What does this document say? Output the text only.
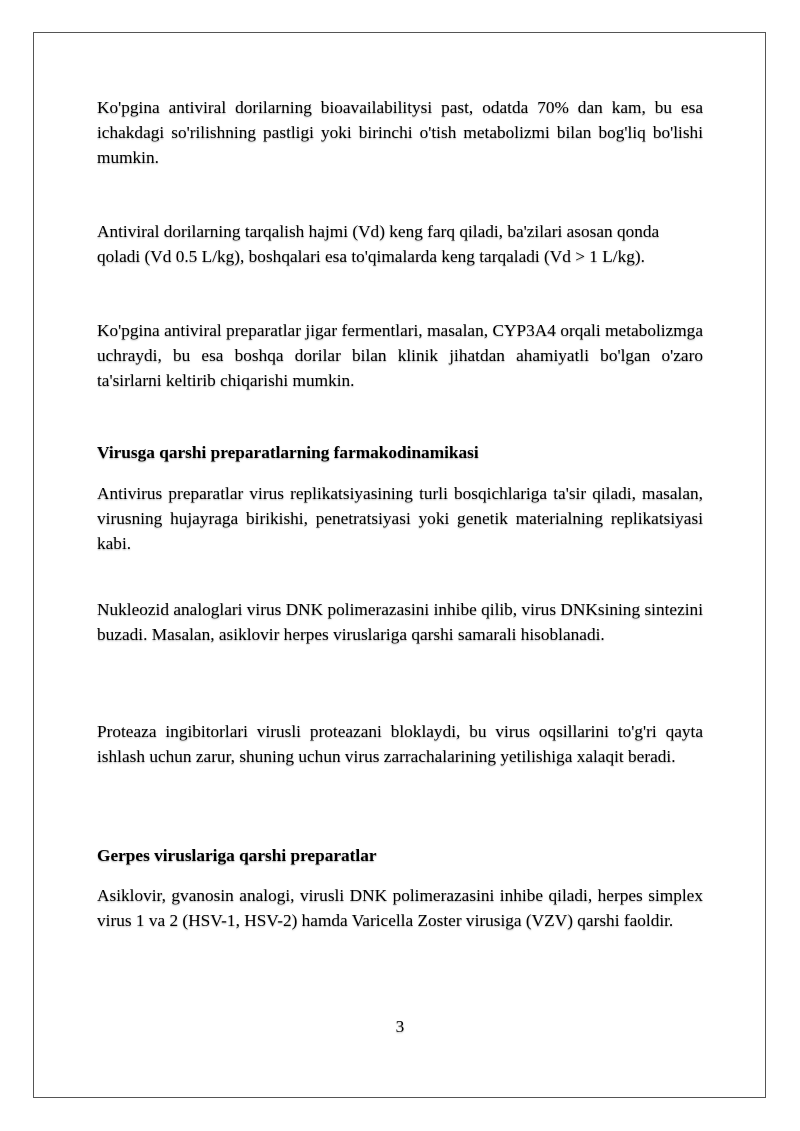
Ko'pgina antiviral dorilarning bioavailabilitysi past, odatda 70% dan kam, bu esa ichakdagi so'rilishning pastligi yoki birinchi o'tish metabolizmi bilan bog'liq bo'lishi mumkin.

Antiviral dorilarning tarqalish hajmi (Vd) keng farq qiladi, ba'zilari asosan qonda qoladi (Vd 0.5 L/kg), boshqalari esa to'qimalarda keng tarqaladi (Vd > 1 L/kg).

Ko'pgina antiviral preparatlar jigar fermentlari, masalan, CYP3A4 orqali metabolizmga uchraydi, bu esa boshqa dorilar bilan klinik jihatdan ahamiyatli bo'lgan o'zaro ta'sirlarni keltirib chiqarishi mumkin.

Virusga qarshi preparatlarning farmakodinamikasi

Antivirus preparatlar virus replikatsiyasining turli bosqichlariga ta'sir qiladi, masalan, virusning hujayraga birikishi, penetratsiyasi yoki genetik materialning replikatsiyasi kabi.

Nukleozid analoglari virus DNK polimerazasini inhibe qilib, virus DNKsining sintezini buzadi. Masalan, asiklovir herpes viruslariga qarshi samarali hisoblanadi.

Proteaza ingibitorlari virusli proteazani bloklaydi, bu virus oqsillarini to'g'ri qayta ishlash uchun zarur, shuning uchun virus zarrachalarining yetilishiga xalaqit beradi.

Gerpes viruslariga qarshi preparatlar

Asiklovir, gvanosin analogi, virusli DNK polimerazasini inhibe qiladi, herpes simplex virus 1 va 2 (HSV-1, HSV-2) hamda Varicella Zoster virusiga (VZV) qarshi faoldir.

3
